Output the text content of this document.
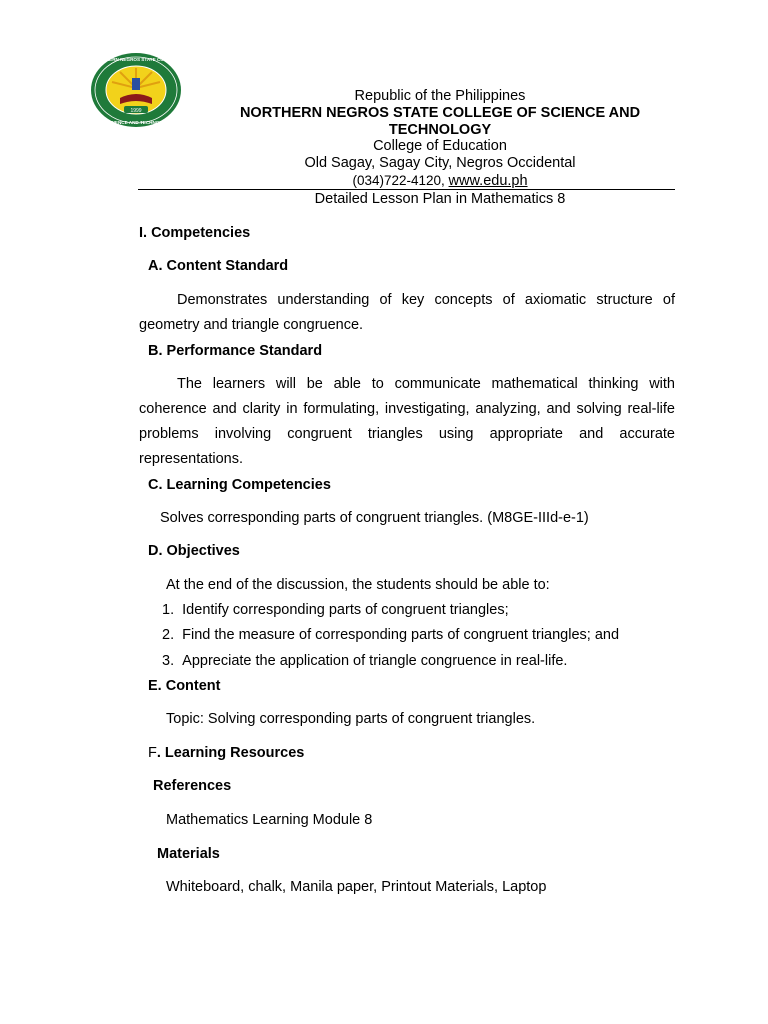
1999
NORTHERN NEGROS STATE COLLEGE
OF SCIENCE AND TECHNOLOGY
Republic of the Philippines
NORTHERN NEGROS STATE COLLEGE OF SCIENCE AND TECHNOLOGY
College of Education
Old Sagay, Sagay City, Negros Occidental
(034)722-4120, www.edu.ph
Detailed Lesson Plan in Mathematics 8
I. Competencies
A. Content Standard
Demonstrates understanding of key concepts of axiomatic structure of geometry and triangle congruence.
B. Performance Standard
The learners will be able to communicate mathematical thinking with coherence and clarity in formulating, investigating, analyzing, and solving real-life problems involving congruent triangles using appropriate and accurate representations.
C. Learning Competencies
Solves corresponding parts of congruent triangles. (M8GE-IIId-e-1)
D. Objectives
At the end of the discussion, the students should be able to:
1.  Identify corresponding parts of congruent triangles;
2.  Find the measure of corresponding parts of congruent triangles; and
3.  Appreciate the application of triangle congruence in real-life.
E. Content
Topic: Solving corresponding parts of congruent triangles.
F. Learning Resources
References
Mathematics Learning Module 8
Materials
Whiteboard, chalk, Manila paper, Printout Materials, Laptop
